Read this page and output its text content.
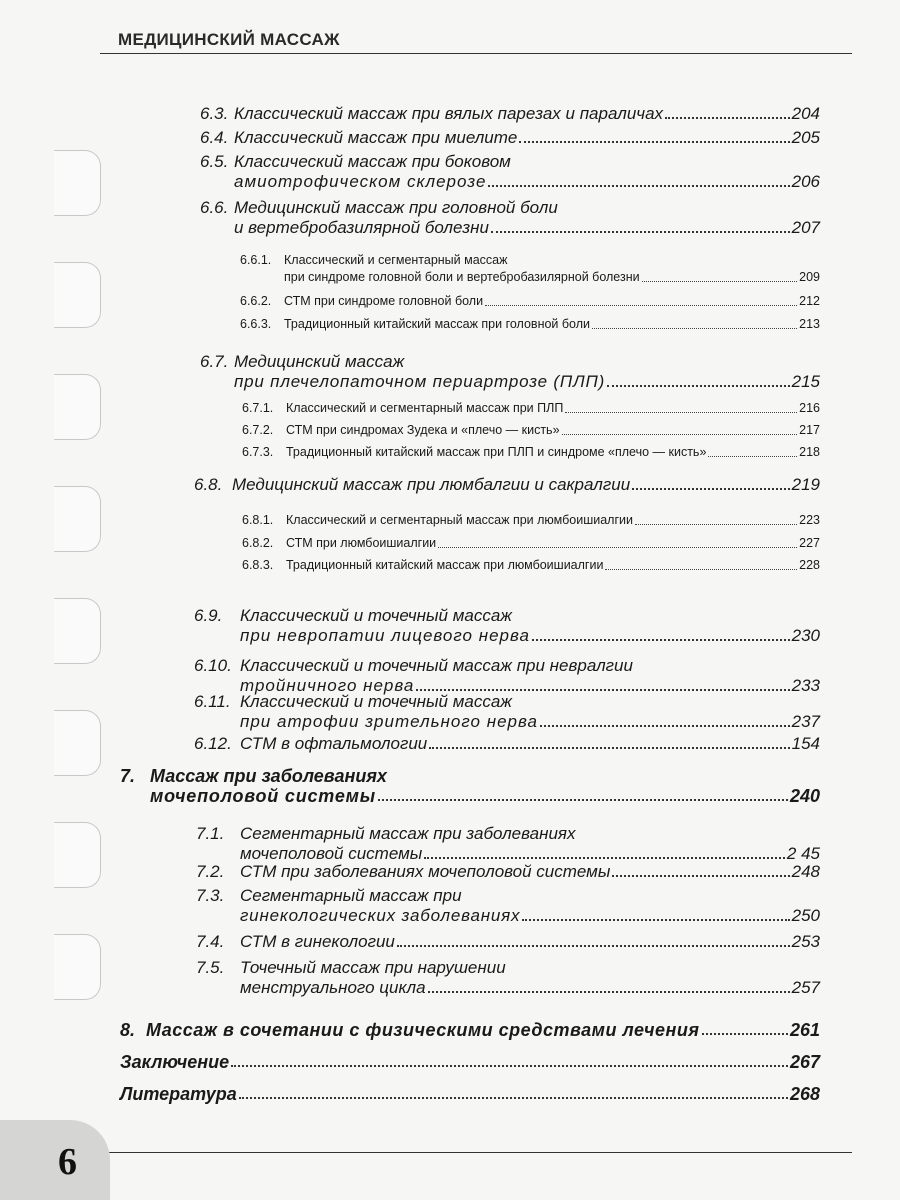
МЕДИЦИНСКИЙ МАССАЖ
6.3. Классический массаж при вялых парезах и параличах	204
6.4. Классический массаж при миелите	205
6.5. Классический массаж при боковом
амиотрофическом склерозе	206
6.6. Медицинский массаж при головной боли
и вертебробазилярной болезни	207
6.6.1.	Классический и сегментарный массаж
при синдроме головной боли и вертебробазилярной болезни	209
6.6.2.	СТМ при синдроме головной боли	212
6.6.3.	Традиционный китайский массаж при головной боли	213
6.7. Медицинский массаж
при плечелопаточном периартрозе (ПЛП)	215
6.7.1.	Классический и сегментарный массаж при ПЛП	216
6.7.2.	СТМ при синдромах Зудека и «плечо — кисть»	217
6.7.3.	Традиционный китайский массаж при ПЛП и синдроме «плечо — кисть»	218
6.8. Медицинский массаж при люмбалгии и сакралгии	219
6.8.1.	Классический и сегментарный массаж при люмбоишиалгии	223
6.8.2.	СТМ при люмбоишиалгии	227
6.8.3.	Традиционный китайский массаж при люмбоишиалгии	228
6.9.	Классический и точечный массаж
при невропатии лицевого нерва	230
6.10. Классический и точечный массаж при невралгии
тройничного нерва	233
6.11. Классический и точечный массаж
при атрофии зрительного нерва	237
6.12. СТМ в офтальмологии	154
7. Массаж при заболеваниях
мочеполовой системы	240
7.1. Сегментарный массаж при заболеваниях
мочеполовой системы	2 45
7.2. СТМ при заболеваниях мочеполовой системы	248
7.3. Сегментарный массаж при
гинекологических заболеваниях	250
7.4. СТМ в гинекологии	253
7.5. Точечный массаж при нарушении
менструального цикла	257
8. Массаж в сочетании с физическими средствами лечения	261
Заключение	267
Литература	268
6
